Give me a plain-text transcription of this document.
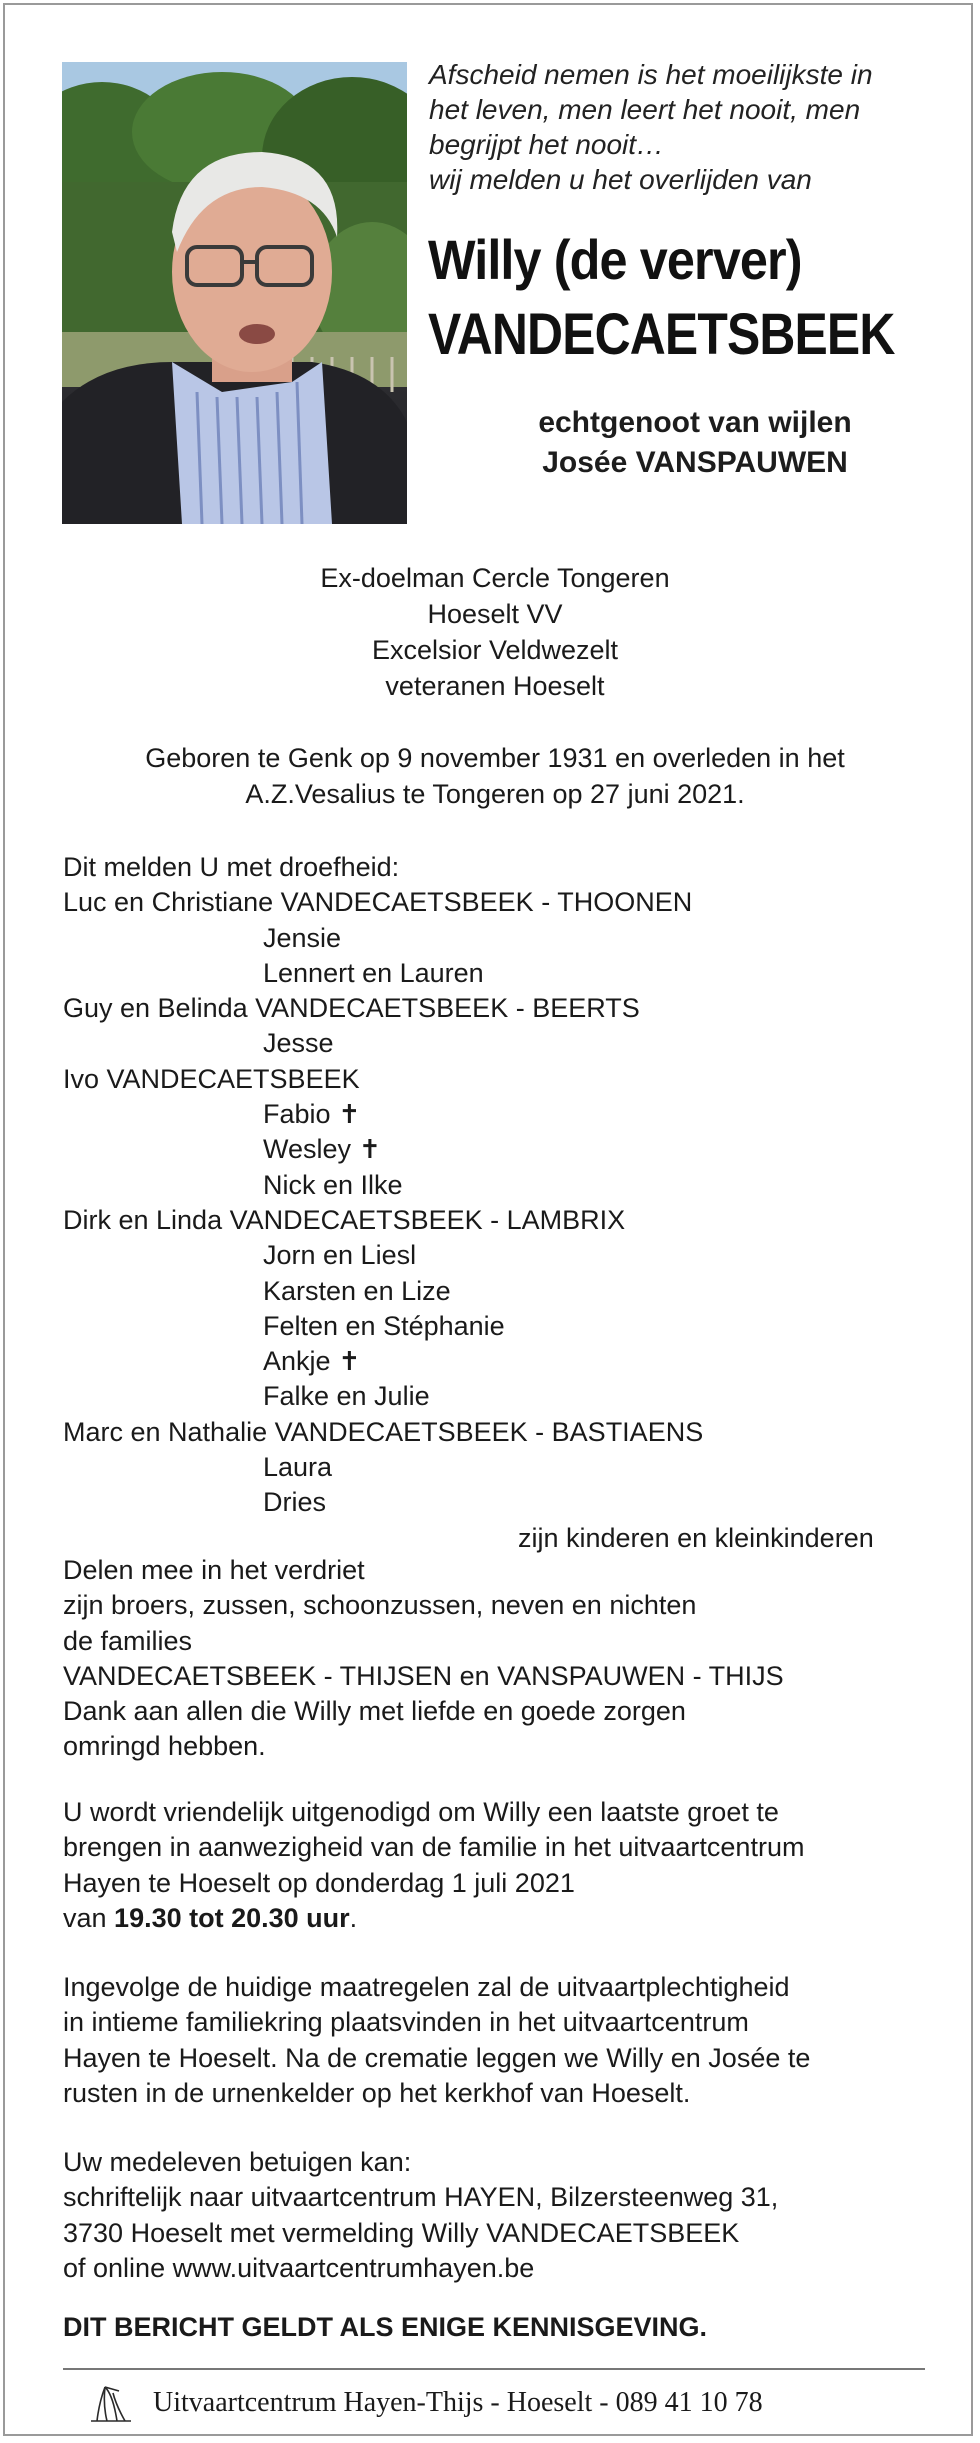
Afscheid nemen is het moeilijkste in
het leven, men leert het nooit, men
begrijpt het nooit…
wij melden u het overlijden van
Willy (de verver)
VANDECAETSBEEK
echtgenoot van wijlen
Josée VANSPAUWEN
Ex-doelman Cercle Tongeren
Hoeselt VV
Excelsior Veldwezelt
veteranen Hoeselt
Geboren te Genk op 9 november 1931 en overleden in het
A.Z.Vesalius te Tongeren op 27 juni 2021.
Dit melden U met droefheid:
Luc en Christiane VANDECAETSBEEK - THOONEN
Jensie
Lennert en Lauren
Guy en Belinda VANDECAETSBEEK - BEERTS
Jesse
Ivo VANDECAETSBEEK
Fabio ✝
Wesley ✝
Nick en Ilke
Dirk en Linda VANDECAETSBEEK - LAMBRIX
Jorn en Liesl
Karsten en Lize
Felten en Stéphanie
Ankje ✝
Falke en Julie
Marc en Nathalie VANDECAETSBEEK - BASTIAENS
Laura
Dries
zijn kinderen en kleinkinderen
Delen mee in het verdriet
zijn broers, zussen, schoonzussen, neven en nichten
de families
VANDECAETSBEEK - THIJSEN en VANSPAUWEN - THIJS
Dank aan allen die Willy met liefde en goede zorgen
omringd hebben.
U wordt vriendelijk uitgenodigd om Willy een laatste groet te
brengen in aanwezigheid van de familie in het uitvaartcentrum
Hayen te Hoeselt op donderdag 1 juli 2021
van 19.30 tot 20.30 uur.
Ingevolge de huidige maatregelen zal de uitvaartplechtigheid
in intieme familiekring plaatsvinden in het uitvaartcentrum
Hayen te Hoeselt. Na de crematie leggen we Willy en Josée te
rusten in de urnenkelder op het kerkhof van Hoeselt.
Uw medeleven betuigen kan:
schriftelijk naar uitvaartcentrum HAYEN, Bilzersteenweg 31,
3730 Hoeselt met vermelding Willy VANDECAETSBEEK
of online www.uitvaartcentrumhayen.be
DIT BERICHT GELDT ALS ENIGE KENNISGEVING.
Uitvaartcentrum Hayen-Thijs - Hoeselt - 089 41 10 78
